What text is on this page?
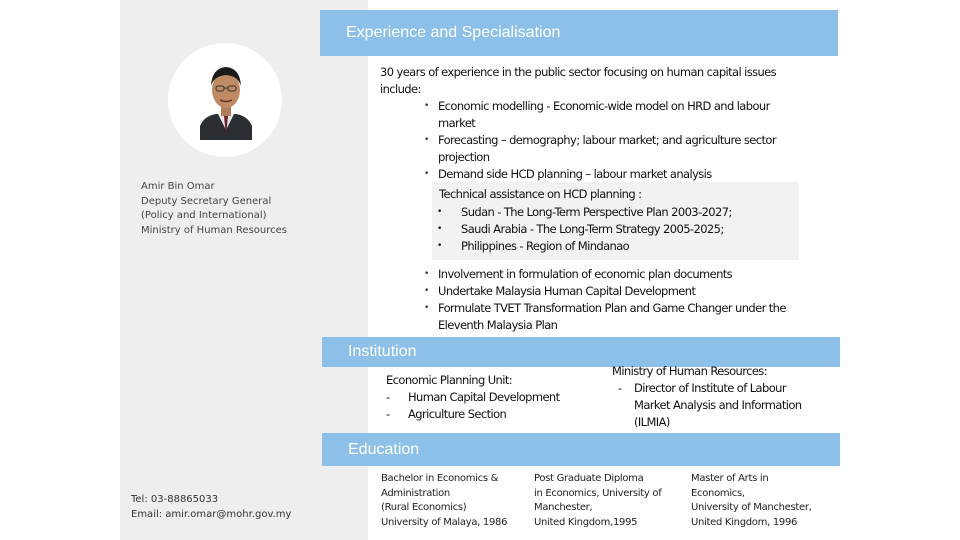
Amir Bin Omar
Deputy Secretary General
(Policy and International)
Ministry of Human Resources
Tel: 03-88865033
Email: amir.omar@mohr.gov.my
Experience and Specialisation
30 years of experience in the public sector focusing on human capital issues
include:
• Economic modelling - Economic-wide model on HRD and labour
market
• Forecasting – demography; labour market; and agriculture sector
projection
• Demand side HCD planning – labour market analysis
Technical assistance on HCD planning :
• Sudan - The Long-Term Perspective Plan 2003-2027;
• Saudi Arabia - The Long-Term Strategy 2005-2025;
• Philippines - Region of Mindanao
• Involvement in formulation of economic plan documents
• Undertake Malaysia Human Capital Development
• Formulate TVET Transformation Plan and Game Changer under the
Eleventh Malaysia Plan
Institution
Economic Planning Unit:
- Human Capital Development
- Agriculture Section
Ministry of Human Resources:
- Director of Institute of Labour
Market Analysis and Information
(ILMIA)
Education
Bachelor in Economics &
Administration
(Rural Economics)
University of Malaya, 1986
Post Graduate Diploma
in Economics, University of
Manchester,
United Kingdom,1995
Master of Arts in
Economics,
University of Manchester,
United Kingdom, 1996
